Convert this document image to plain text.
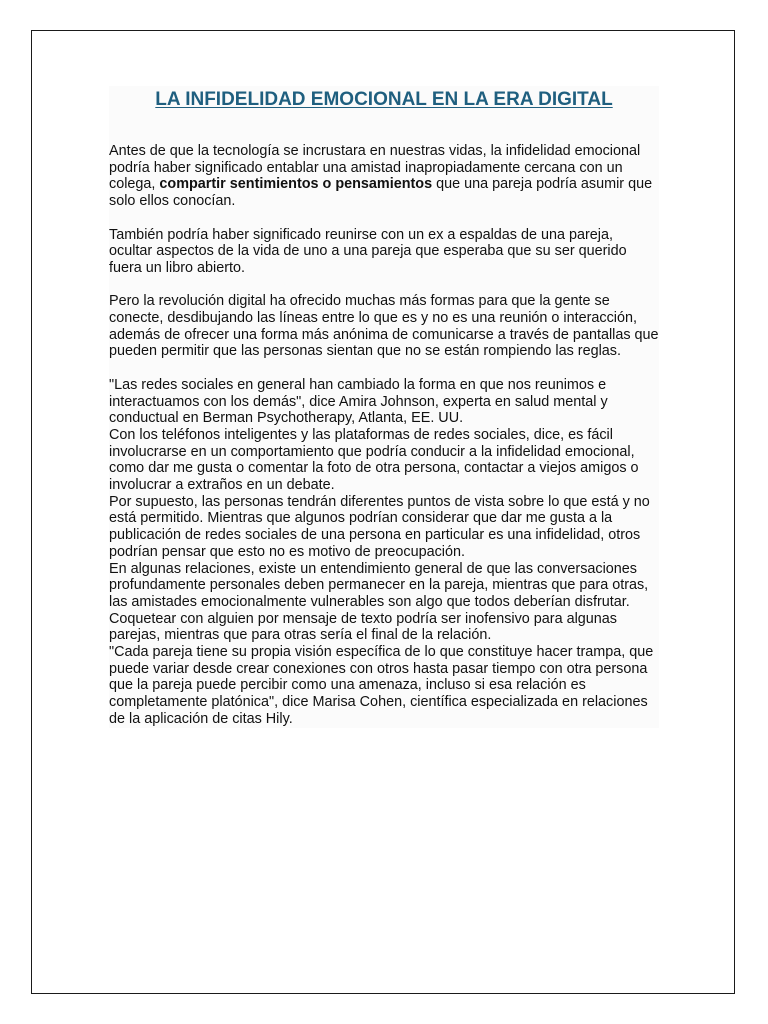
LA INFIDELIDAD EMOCIONAL EN LA ERA DIGITAL

Antes de que la tecnología se incrustara en nuestras vidas, la infidelidad emocional podría haber significado entablar una amistad inapropiadamente cercana con un colega, compartir sentimientos o pensamientos que una pareja podría asumir que solo ellos conocían.

También podría haber significado reunirse con un ex a espaldas de una pareja, ocultar aspectos de la vida de uno a una pareja que esperaba que su ser querido fuera un libro abierto.

Pero la revolución digital ha ofrecido muchas más formas para que la gente se conecte, desdibujando las líneas entre lo que es y no es una reunión o interacción, además de ofrecer una forma más anónima de comunicarse a través de pantallas que pueden permitir que las personas sientan que no se están rompiendo las reglas.

"Las redes sociales en general han cambiado la forma en que nos reunimos e interactuamos con los demás", dice Amira Johnson, experta en salud mental y conductual en Berman Psychotherapy, Atlanta, EE. UU.

Con los teléfonos inteligentes y las plataformas de redes sociales, dice, es fácil involucrarse en un comportamiento que podría conducir a la infidelidad emocional, como dar me gusta o comentar la foto de otra persona, contactar a viejos amigos o involucrar a extraños en un debate.

Por supuesto, las personas tendrán diferentes puntos de vista sobre lo que está y no está permitido. Mientras que algunos podrían considerar que dar me gusta a la publicación de redes sociales de una persona en particular es una infidelidad, otros podrían pensar que esto no es motivo de preocupación.

En algunas relaciones, existe un entendimiento general de que las conversaciones profundamente personales deben permanecer en la pareja, mientras que para otras, las amistades emocionalmente vulnerables son algo que todos deberían disfrutar.

Coquetear con alguien por mensaje de texto podría ser inofensivo para algunas parejas, mientras que para otras sería el final de la relación.

"Cada pareja tiene su propia visión específica de lo que constituye hacer trampa, que puede variar desde crear conexiones con otros hasta pasar tiempo con otra persona que la pareja puede percibir como una amenaza, incluso si esa relación es completamente platónica", dice Marisa Cohen, científica especializada en relaciones de la aplicación de citas Hily.
